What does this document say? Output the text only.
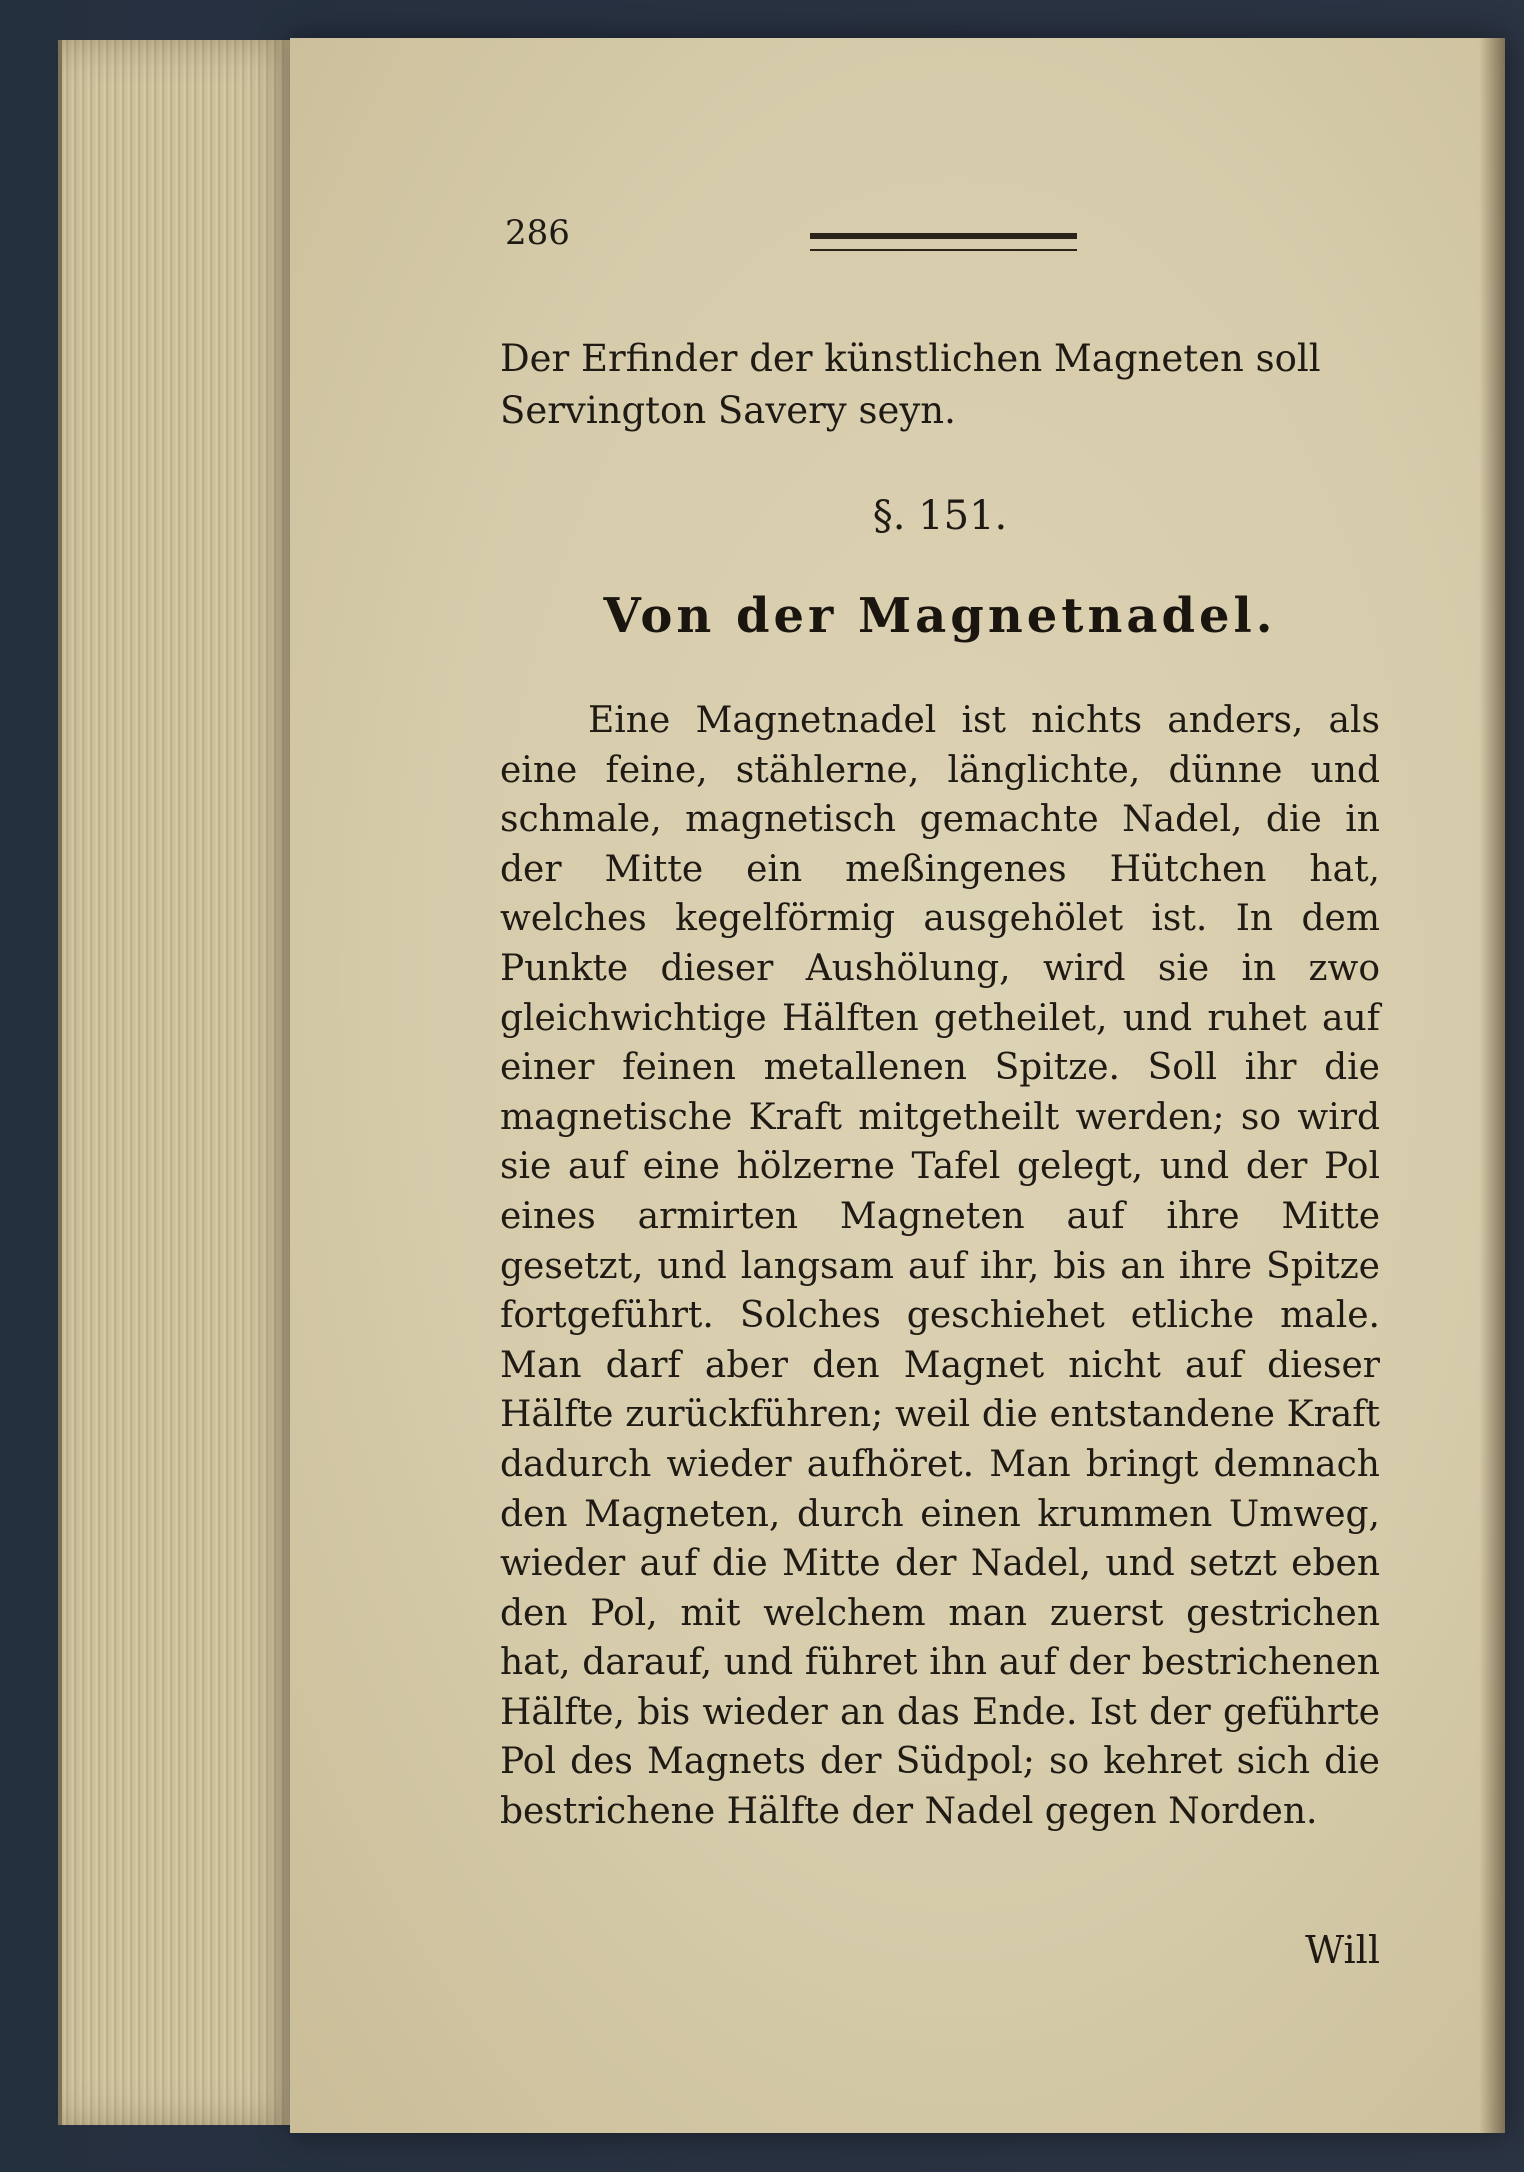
286
Der Erfinder der künstlichen Magneten soll Servington Savery seyn.
§. 151.
Von der Magnetnadel.

Eine Magnetnadel ist nichts anders, als eine feine, stählerne, länglichte, dünne und schmale, magnetisch gemachte Nadel, die in der Mitte ein meßingenes Hütchen hat, welches kegelförmig ausgehölet ist. In dem Punkte dieser Aushölung, wird sie in zwo gleichwichtige Hälften getheilet, und ruhet auf einer feinen metallenen Spitze. Soll ihr die magnetische Kraft mitgetheilt werden; so wird sie auf eine hölzerne Tafel gelegt, und der Pol eines armirten Magneten auf ihre Mitte gesetzt, und langsam auf ihr, bis an ihre Spitze fortgeführt. Solches geschiehet etliche male. Man darf aber den Magnet nicht auf dieser Hälfte zurückführen; weil die entstandene Kraft dadurch wieder aufhöret. Man bringt demnach den Magneten, durch einen krummen Umweg, wieder auf die Mitte der Nadel, und setzt eben den Pol, mit welchem man zuerst gestrichen hat, darauf, und führet ihn auf der bestrichenen Hälfte, bis wieder an das Ende. Ist der geführte Pol des Magnets der Südpol; so kehret sich die bestrichene Hälfte der Nadel gegen Norden.

Will
